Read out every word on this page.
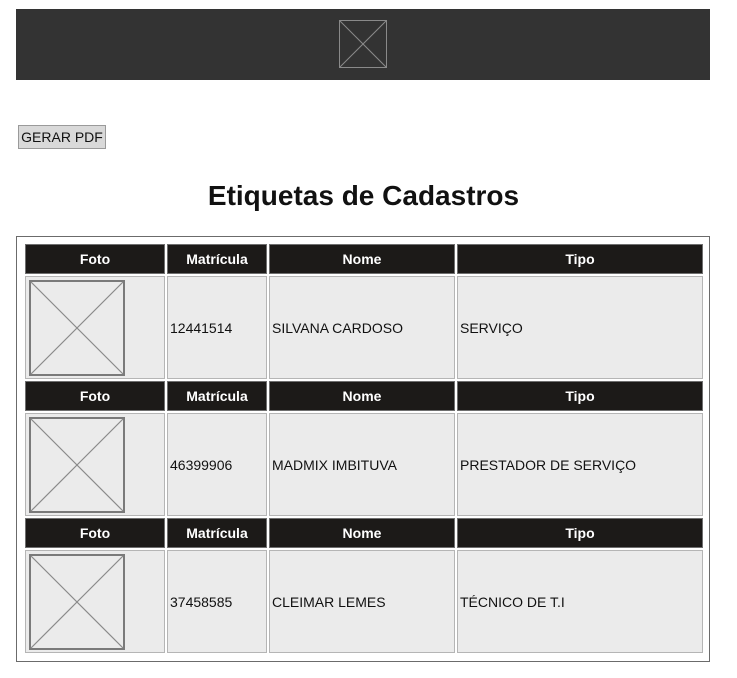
GERAR PDF
Etiquetas de Cadastros
Foto	Matrícula	Nome	Tipo

	12441514	SILVANA CARDOSO	SERVIÇO
Foto	Matrícula	Nome	Tipo

	46399906	MADMIX IMBITUVA	PRESTADOR DE SERVIÇO
Foto	Matrícula	Nome	Tipo

	37458585	CLEIMAR LEMES	TÉCNICO DE T.I
